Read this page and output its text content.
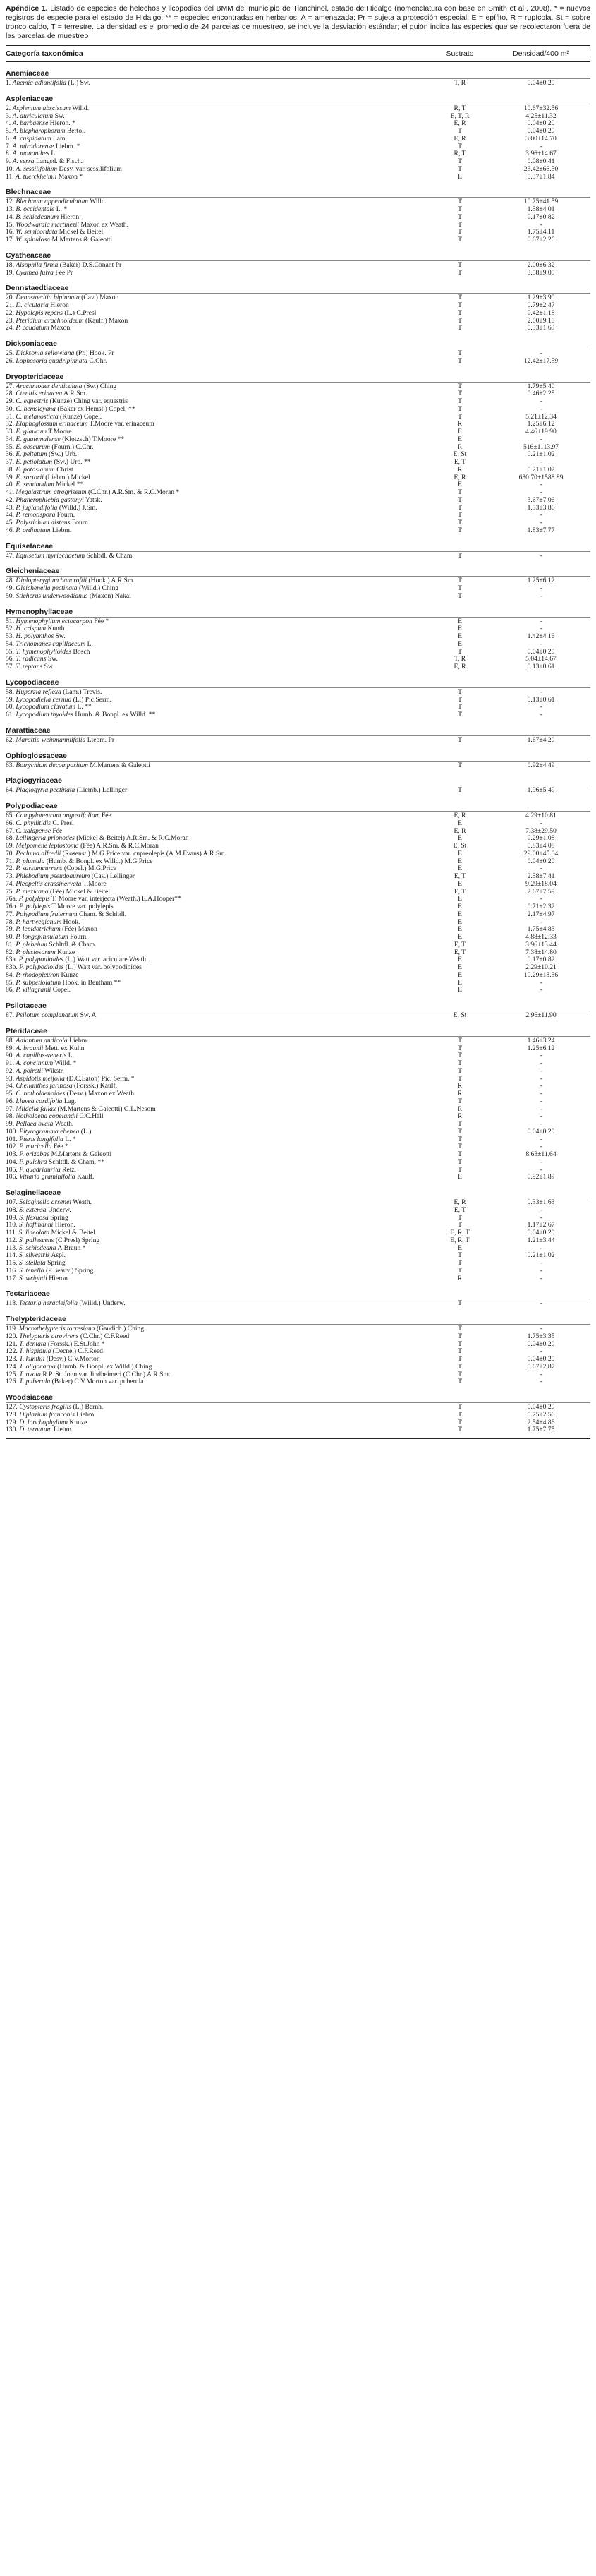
Apéndice 1. Listado de especies de helechos y licopodios del BMM del municipio de Tlanchinol, estado de Hidalgo (nomenclatura con base en Smith et al., 2008). * = nuevos registros de especie para el estado de Hidalgo; ** = especies encontradas en herbarios; A = amenazada; Pr = sujeta a protección especial; E = epífito, R = rupícola, St = sobre tronco caído, T = terrestre. La densidad es el promedio de 24 parcelas de muestreo, se incluye la desviación estándar; el guión indica las especies que se recolectaron fuera de las parcelas de muestreo

Categoría taxonómica	Sustrato	Densidad/400 m²
Anemiaceae
1. Anemia adiantifolia (L.) Sw.	T, R	0.04±0.20
Aspleniaceae
2. Asplenium abscissum Willd.	R, T	10.67±32.56
3. A. auriculatum Sw.	E, T, R	4.25±11.32
4. A. barbaense Hieron. *	E, R	0.04±0.20
5. A. blepharophorum Bertol.	T	0.04±0.20
6. A. cuspidatum Lam.	E, R	3.00±14.70
7. A. miradorense Liebm. *	T	-
8. A. monanthes L.	R, T	3.96±14.67
9. A. serra Langsd. & Fisch.	T	0.08±0.41
10. A. sessilifolium Desv. var. sessilifolium	T	23.42±66.50
11. A. tuerckheimii Maxon *	E	0.37±1.84
Blechnaceae
12. Blechnum appendiculatum Willd.	T	10.75±41.59
13. B. occidentale L. *	T	1.58±4.01
14. B. schiedeanum Hieron.	T	0.17±0.82
15. Woodwardia martinezii Maxon ex Weath.	T	-
16. W. semicordata Mickel & Beitel	T	1.75±4.11
17. W. spinulosa M.Martens & Galeotti	T	0.67±2.26
Cyatheaceae
18. Alsophila firma (Baker) D.S.Conant Pr	T	2.00±6.32
19. Cyathea fulva Fée Pr	T	3.58±9.00
Dennstaedtiaceae
20. Dennstaedtia bipinnata (Cav.) Maxon	T	1.29±3.90
21. D. cicutaria Hieron	T	0.79±2.47
22. Hypolepis repens (L.) C.Presl	T	0.42±1.18
23. Pteridium arachnoideum (Kaulf.) Maxon	T	2.00±9.18
24. P. caudatum Maxon	T	0.33±1.63
Dicksoniaceae
25. Dicksonia sellowiana (Pr.) Hook. Pr	T	-
26. Lophosoria quadripinnata C.Chr.	T	12.42±17.59
Dryopteridaceae
27. Arachniodes denticulata (Sw.) Ching	T	1.79±5.40
28. Ctenitis erinacea A.R.Sm.	T	0.46±2.25
29. C. equestris (Kunze) Ching var. equestris	T	-
30. C. hemsleyana (Baker ex Hemsl.) Copel. **	T	-
31. C. melanosticta (Kunze) Copel.	T	5.21±12.34
32. Elaphoglossum erinaceum T.Moore var. erinaceum	R	1.25±6.12
33. E. glaucum T.Moore	E	4.46±19.90
34. E. guatemalense (Klotzsch) T.Moore **	E	-
35. E. obscurum (Fourn.) C.Chr.	R	516±1113.97
36. E. peltatum (Sw.) Urb.	E, St	0.21±1.02
37. E. petiolatum (Sw.) Urb. **	E, T	-
38. E. potosianum Christ	R	0.21±1.02
39. E. sartorii (Liebm.) Mickel	E, R	630.70±1588.89
40. E. seminudum Mickel **	E	-
41. Megalastrum atrogriseum (C.Chr.) A.R.Sm. & R.C.Moran *	T	-
42. Phanerophlebia gastonyi Yatsk.	T	3.67±7.06
43. P. juglandifolia (Willd.) J.Sm.	T	1.33±3.86
44. P. remotispora Fourn.	T	-
45. Polystichum distans Fourn.	T	-
46. P. ordinatum Liebm.	T	1.83±7.77
Equisetaceae
47. Equisetum myriochaetum Schltdl. & Cham.	T	-
Gleicheniaceae
48. Diplopterygium bancroftii (Hook.) A.R.Sm.	T	1.25±6.12
49. Gleichenella pectinata (Willd.) Ching	T	-
50. Sticherus underwoodianus (Maxon) Nakai	T	-
Hymenophyllaceae
51. Hymenophyllum ectocarpon Fée *	E	-
52. H. crispum Kunth	E	-
53. H. polyanthos Sw.	E	1.42±4.16
54. Trichomanes capillaceum L.	E	-
55. T. hymenophylloides Bosch	T	0.04±0.20
56. T. radicans Sw.	T, R	5.04±14.67
57. T. reptans Sw.	E, R	0.13±0.61
Lycopodiaceae
58. Huperzia reflexa (Lam.) Trevis.	T	-
59. Lycopodiella cernua (L.) Pic.Serm.	T	0.13±0.61
60. Lycopodium clavatum L. **	T	-
61. Lycopodium thyoides Humb. & Bonpl. ex Willd. **	T	-
Marattiaceae
62. Marattia weinmanniifolia Liebm. Pr	T	1.67±4.20
Ophioglossaceae
63. Botrychium decompositum M.Martens & Galeotti	T	0.92±4.49
Plagiogyriaceae
64. Plagiogyria pectinata (Liemb.) Lellinger	T	1.96±5.49
Polypodiaceae
65. Campyloneurum angustifolium Fée	E, R	4.29±10.81
66. C. phyllitidis C. Presl	E	-
67. C. xalapense Fée	E, R	7.38±29.50
68. Lellingeria prionodes (Mickel & Beitel) A.R.Sm. & R.C.Moran	E	0.29±1.08
69. Melpomene leptostoma (Fée) A.R.Sm. & R.C.Moran	E, St	0.83±4.08
70. Pecluma alfredii (Rosenst.) M.G.Price var. cupreolepis (A.M.Evans) A.R.Sm.	E	29.00±45.04
71. P. plumula (Humb. & Bonpl. ex Willd.) M.G.Price	E	0.04±0.20
72. P. sursumcurrens (Copel.) M.G.Price	E	-
73. Phlebodium pseudoaureum (Cav.) Lellinger	E, T	2.58±7.41
74. Pleopeltis crassinervata T.Moore	E	9.29±18.04
75. P. mexicana (Fée) Mickel & Beitel	E, T	2.67±7.59
76a. P. polylepis T. Moore var. interjecta (Weath.) E.A.Hooper**	E	-
76b. P. polylepis T.Moore var. polylepis	E	0.71±2.32
77. Polypodium fraternum Cham. & Schltdl.	E	2.17±4.97
78. P. hartwegianum Hook.	E	-
79. P. lepidotrichum (Fée) Maxon	E	1.75±4.83
80. P. longepinnulatum Fourn.	E	4.88±12.33
81. P. plebeium Schltdl. & Cham.	E, T	3.96±13.44
82. P. plesiosorum Kunze	E, T	7.38±14.80
83a. P. polypodioides (L.) Watt var. aciculare Weath.	E	0.17±0.82
83b. P. polypodioides (L.) Watt var. polypodioides	E	2.29±10.21
84. P. rhodopleuron Kunze	E	10.29±18.36
85. P. subpetiolatum Hook. in Bentham **	E	-
86. P. villagranii Copel.	E	-
Psilotaceae
87. Psilotum complanatum Sw. A	E, St	2.96±11.90
Pteridaceae
88. Adiantum andicola Liebm.	T	1.46±3.24
89. A. braunii Mett. ex Kuhn	T	1.25±6.12
90. A. capillus-veneris L.	T	-
91. A. concinnum Willd. *	T	-
92. A. poiretii Wikstr.	T	-
93. Aspidotis meifolia (D.C.Eaton) Pic. Serm. *	T	-
94. Cheilanthes farinosa (Forssk.) Kaulf.	R	-
95. C. notholaenoides (Desv.) Maxon ex Weath.	R	-
96. Llavea cordifolia Lag.	T	-
97. Mildella fallax (M.Martens & Galeotti) G.L.Nesom	R	-
98. Notholaena copelandii C.C.Hall	R	-
99. Pellaea ovata Weath.	T	-
100. Pityrogramma ebenea (L.)	T	0.04±0.20
101. Pteris longifolia L. *	T	-
102. P. muricella Fée *	T	-
103. P. orizabae M.Martens & Galeotti	T	8.63±11.64
104. P. pulchra Schltdl. & Cham. **	T	-
105. P. quadriaurita Retz.	T	-
106. Vittaria graminifolia Kaulf.	E	0.92±1.89
Selaginellaceae
107. Selaginella arsenei Weath.	E, R	0.33±1.63
108. S. extensa Underw.	E, T	-
109. S. flexuosa Spring	T	-
110. S. hoffmanni Hieron.	T	1.17±2.67
111. S. lineolata Mickel & Beitel	E, R, T	0.04±0.20
112. S. pallescens (C.Presl) Spring	E, R, T	1.21±3.44
113. S. schiedeana A.Braun *	E	-
114. S. silvestris Aspl.	T	0.21±1.02
115. S. stellata Spring	T	-
116. S. tenella (P.Beauv.) Spring	T	-
117. S. wrightii Hieron.	R	-
Tectariaceae
118. Tectaria heracleifolia (Willd.) Underw.	T	-
Thelypteridaceae
119. Macrothelypteris torresiana (Gaudich.) Ching	T	-
120. Thelypteris atrovirens (C.Chr.) C.F.Reed	T	1.75±3.35
121. T. dentata (Forssk.) E.St.John *	T	0.04±0.20
122. T. hispidula (Decne.) C.F.Reed	T	-
123. T. kunthii (Desv.) C.V.Morton	T	0.04±0.20
124. T. oligocarpa (Humb. & Bonpl. ex Willd.) Ching	T	0.67±2.87
125. T. ovata R.P. St. John var. lindheimeri (C.Chr.) A.R.Sm.	T	-
126. T. puberula (Baker) C.V.Morton var. puberula	T	-
Woodsiaceae
127. Cystopteris fragilis (L.) Bernh.	T	0.04±0.20
128. Diplazium franconis Liebm.	T	0.75±2.56
129. D. lonchophyllum Kunze	T	2.54±4.86
130. D. ternatum Liebm.	T	1.75±7.75
